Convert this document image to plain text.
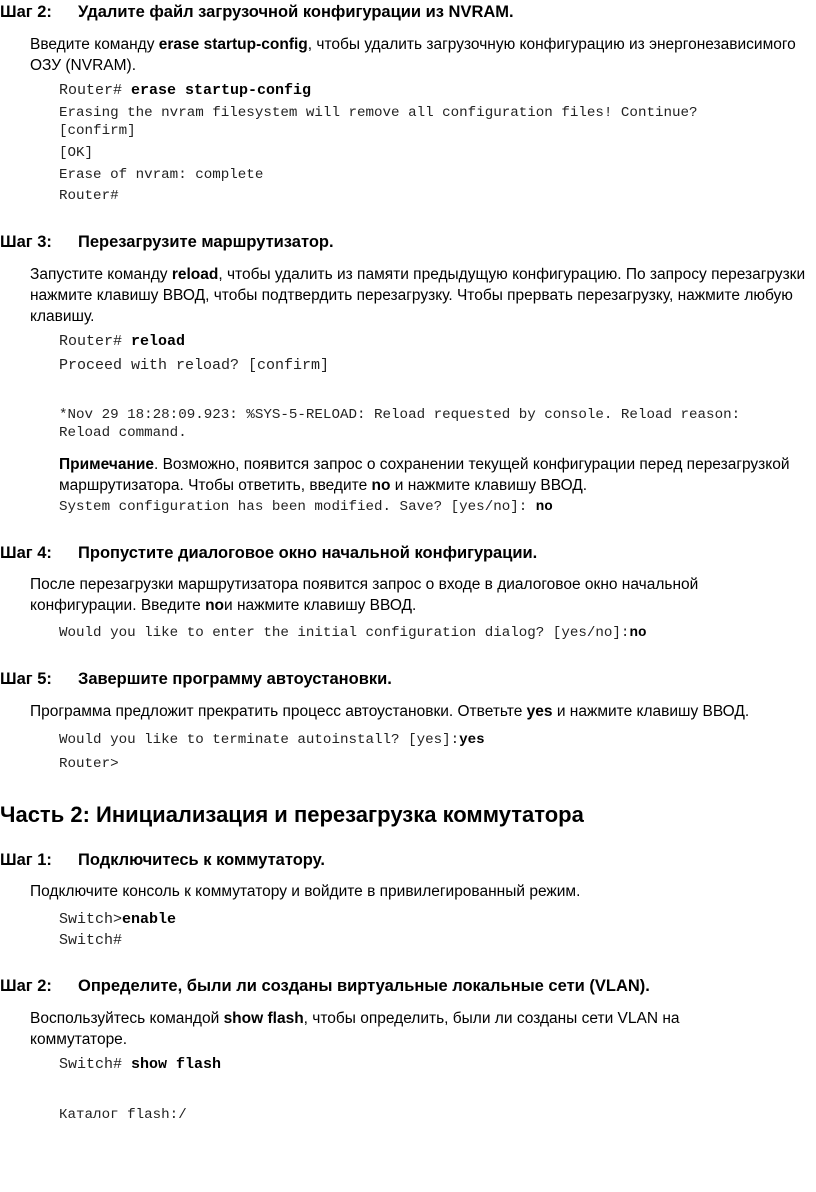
Шаг 2: Удалите файл загрузочной конфигурации из NVRAM.
Введите команду erase startup-config, чтобы удалить загрузочную конфигурацию из энергонезависимого ОЗУ (NVRAM).
Router# erase startup-config
Erasing the nvram filesystem will remove all configuration files! Continue?
[confirm]
[OK]
Erase of nvram: complete
Router#
Шаг 3: Перезагрузите маршрутизатор.
Запустите команду reload, чтобы удалить из памяти предыдущую конфигурацию. По запросу перезагрузки нажмите клавишу ВВОД, чтобы подтвердить перезагрузку. Чтобы прервать перезагрузку, нажмите любую клавишу.
Router# reload
Proceed with reload? [confirm]
*Nov 29 18:28:09.923: %SYS-5-RELOAD: Reload requested by console. Reload reason:
Reload command.
Примечание. Возможно, появится запрос о сохранении текущей конфигурации перед перезагрузкой маршрутизатора. Чтобы ответить, введите no и нажмите клавишу ВВОД.
System configuration has been modified. Save? [yes/no]: no
Шаг 4: Пропустите диалоговое окно начальной конфигурации.
После перезагрузки маршрутизатора появится запрос о входе в диалоговое окно начальной конфигурации. Введите noи нажмите клавишу ВВОД.
Would you like to enter the initial configuration dialog? [yes/no]:no
Шаг 5: Завершите программу автоустановки.
Программа предложит прекратить процесс автоустановки. Ответьте yes и нажмите клавишу ВВОД.
Would you like to terminate autoinstall? [yes]:yes
Router>
Часть 2: Инициализация и перезагрузка коммутатора
Шаг 1: Подключитесь к коммутатору.
Подключите консоль к коммутатору и войдите в привилегированный режим.
Switch>enable
Switch#
Шаг 2: Определите, были ли созданы виртуальные локальные сети (VLAN).
Воспользуйтесь командой show flash, чтобы определить, были ли созданы сети VLAN на коммутаторе.
Switch# show flash
Каталог flash:/
